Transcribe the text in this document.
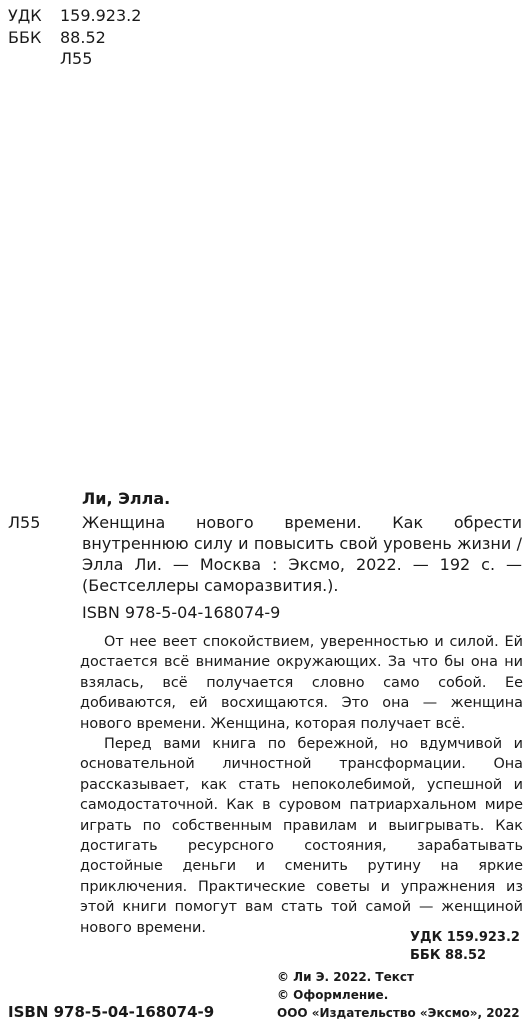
УДК 159.923.2
ББК 88.52
Л55
Ли, Элла.
Л55	Женщина нового времени. Как обрести внутреннюю силу и повысить свой уровень жизни / Элла Ли. — Москва : Эксмо, 2022. — 192 с. — (Бестселлеры саморазвития.).
ISBN 978-5-04-168074-9

От нее веет спокойствием, уверенностью и силой. Ей достается всё внимание окружающих. За что бы она ни взялась, всё получается словно само собой. Ее добиваются, ей восхищаются. Это она — женщина нового времени. Женщина, которая получает всё.

Перед вами книга по бережной, но вдумчивой и основательной личностной трансформации. Она рассказывает, как стать непоколебимой, успешной и самодостаточной. Как в суровом патриархальном мире играть по собственным правилам и выигрывать. Как достигать ресурсного состояния, зарабатывать достойные деньги и сменить рутину на яркие приключения. Практические советы и упражнения из этой книги помогут вам стать той самой — женщиной нового времени.

УДК 159.923.2
ББК 88.52
ISBN 978-5-04-168074-9
© Ли Э. 2022. Текст
© Оформление.
ООО «Издательство «Эксмо», 2022
